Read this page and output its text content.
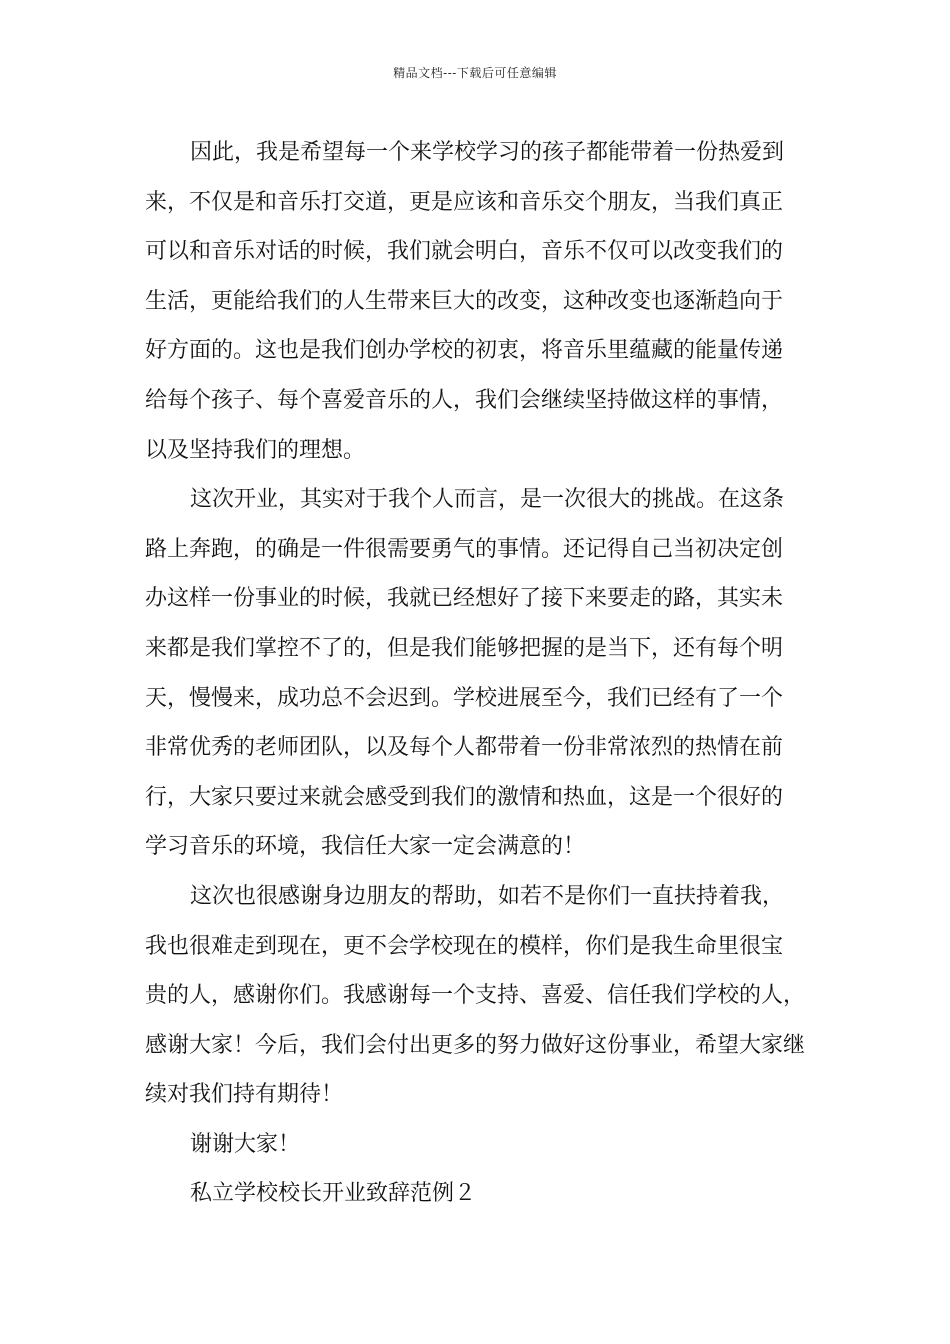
精品文档---下载后可任意编辑
因此，我是希望每一个来学校学习的孩子都能带着一份热爱到
来，不仅是和音乐打交道，更是应该和音乐交个朋友，当我们真正
可以和音乐对话的时候，我们就会明白，音乐不仅可以改变我们的
生活，更能给我们的人生带来巨大的改变，这种改变也逐渐趋向于
好方面的。这也是我们创办学校的初衷，将音乐里蕴藏的能量传递
给每个孩子、每个喜爱音乐的人，我们会继续坚持做这样的事情，
以及坚持我们的理想。
这次开业，其实对于我个人而言，是一次很大的挑战。在这条
路上奔跑，的确是一件很需要勇气的事情。还记得自己当初决定创
办这样一份事业的时候，我就已经想好了接下来要走的路，其实未
来都是我们掌控不了的，但是我们能够把握的是当下，还有每个明
天，慢慢来，成功总不会迟到。学校进展至今，我们已经有了一个
非常优秀的老师团队，以及每个人都带着一份非常浓烈的热情在前
行，大家只要过来就会感受到我们的激情和热血，这是一个很好的
学习音乐的环境，我信任大家一定会满意的！
这次也很感谢身边朋友的帮助，如若不是你们一直扶持着我，
我也很难走到现在，更不会学校现在的模样，你们是我生命里很宝
贵的人，感谢你们。我感谢每一个支持、喜爱、信任我们学校的人，
感谢大家！今后，我们会付出更多的努力做好这份事业，希望大家继
续对我们持有期待！
谢谢大家！
私立学校校长开业致辞范例２
